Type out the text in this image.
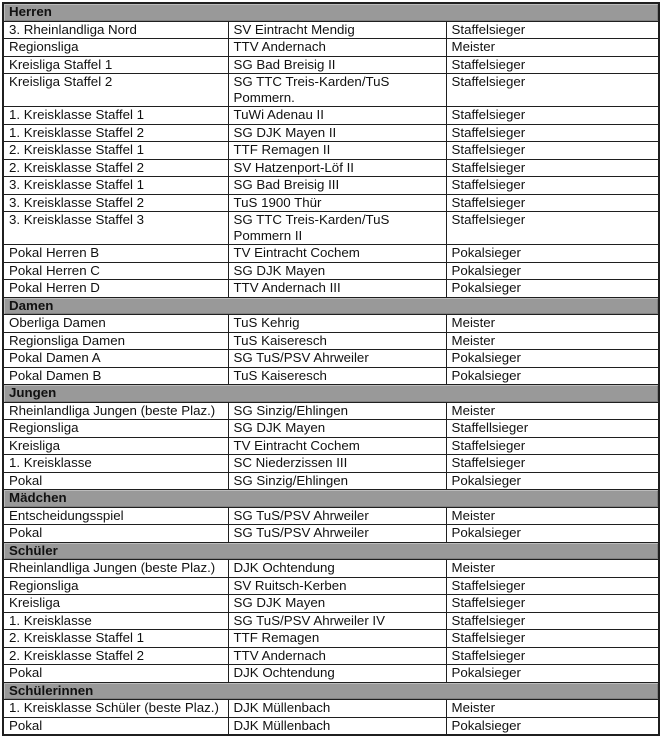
Herren		
3. Rheinlandliga Nord	SV Eintracht Mendig	Staffelsieger
Regionsliga	TTV Andernach	Meister
Kreisliga Staffel 1	SG Bad Breisig II	Staffelsieger
Kreisliga Staffel 2	SG TTC Treis-Karden/TuS Pommern.	Staffelsieger
1. Kreisklasse Staffel 1	TuWi Adenau II	Staffelsieger
1. Kreisklasse Staffel 2	SG DJK Mayen II	Staffelsieger
2. Kreisklasse Staffel 1	TTF Remagen II	Staffelsieger
2. Kreisklasse Staffel 2	SV Hatzenport-Löf II	Staffelsieger
3. Kreisklasse Staffel 1	SG Bad Breisig III	Staffelsieger
3. Kreisklasse Staffel 2	TuS 1900 Thür	Staffelsieger
3. Kreisklasse Staffel 3	SG TTC Treis-Karden/TuS Pommern II	Staffelsieger
Pokal Herren B	TV Eintracht Cochem	Pokalsieger
Pokal Herren C	SG DJK Mayen	Pokalsieger
Pokal Herren D	TTV Andernach III	Pokalsieger
Damen		
Oberliga Damen	TuS Kehrig	Meister
Regionsliga Damen	TuS Kaiseresch	Meister
Pokal Damen A	SG TuS/PSV Ahrweiler	Pokalsieger
Pokal Damen B	TuS Kaiseresch	Pokalsieger
Jungen		
Rheinlandliga Jungen (beste Plaz.)	SG Sinzig/Ehlingen	Meister
Regionsliga	SG DJK Mayen	Staffellsieger
Kreisliga	TV Eintracht Cochem	Staffelsieger
1. Kreisklasse	SC Niederzissen III	Staffelsieger
Pokal	SG Sinzig/Ehlingen	Pokalsieger
Mädchen		
Entscheidungsspiel	SG TuS/PSV Ahrweiler	Meister
Pokal	SG TuS/PSV Ahrweiler	Pokalsieger
Schüler		
Rheinlandliga Jungen (beste Plaz.)	DJK Ochtendung	Meister
Regionsliga	SV Ruitsch-Kerben	Staffelsieger
Kreisliga	SG DJK Mayen	Staffelsieger
1. Kreisklasse	SG TuS/PSV Ahrweiler IV	Staffelsieger
2. Kreisklasse Staffel 1	TTF Remagen	Staffelsieger
2. Kreisklasse Staffel 2	TTV Andernach	Staffelsieger
Pokal	DJK Ochtendung	Pokalsieger
Schülerinnen		
1. Kreisklasse Schüler (beste Plaz.)	DJK Müllenbach	Meister
Pokal	DJK Müllenbach	Pokalsieger
